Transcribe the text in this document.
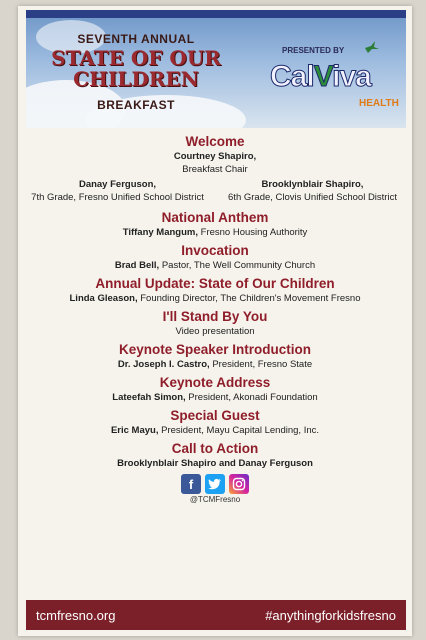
SEVENTH ANNUAL
STATE OF OUR CHILDREN
BREAKFAST
PRESENTED BY
CalViva
HEALTH
Welcome
Courtney Shapiro,
Breakfast Chair
Danay Ferguson,
7th Grade, Fresno Unified School District
Brooklynblair Shapiro,
6th Grade, Clovis Unified School District
National Anthem
Tiffany Mangum, Fresno Housing Authority
Invocation
Brad Bell, Pastor, The Well Community Church
Annual Update: State of Our Children
Linda Gleason, Founding Director, The Children's Movement Fresno
I'll Stand By You
Video presentation
Keynote Speaker Introduction
Dr. Joseph I. Castro, President, Fresno State
Keynote Address
Lateefah Simon, President, Akonadi Foundation
Special Guest
Eric Mayu, President, Mayu Capital Lending, Inc.
Call to Action
Brooklynblair Shapiro and Danay Ferguson
f
@TCMFresno
tcmfresno.org	#anythingforkidsfresno
